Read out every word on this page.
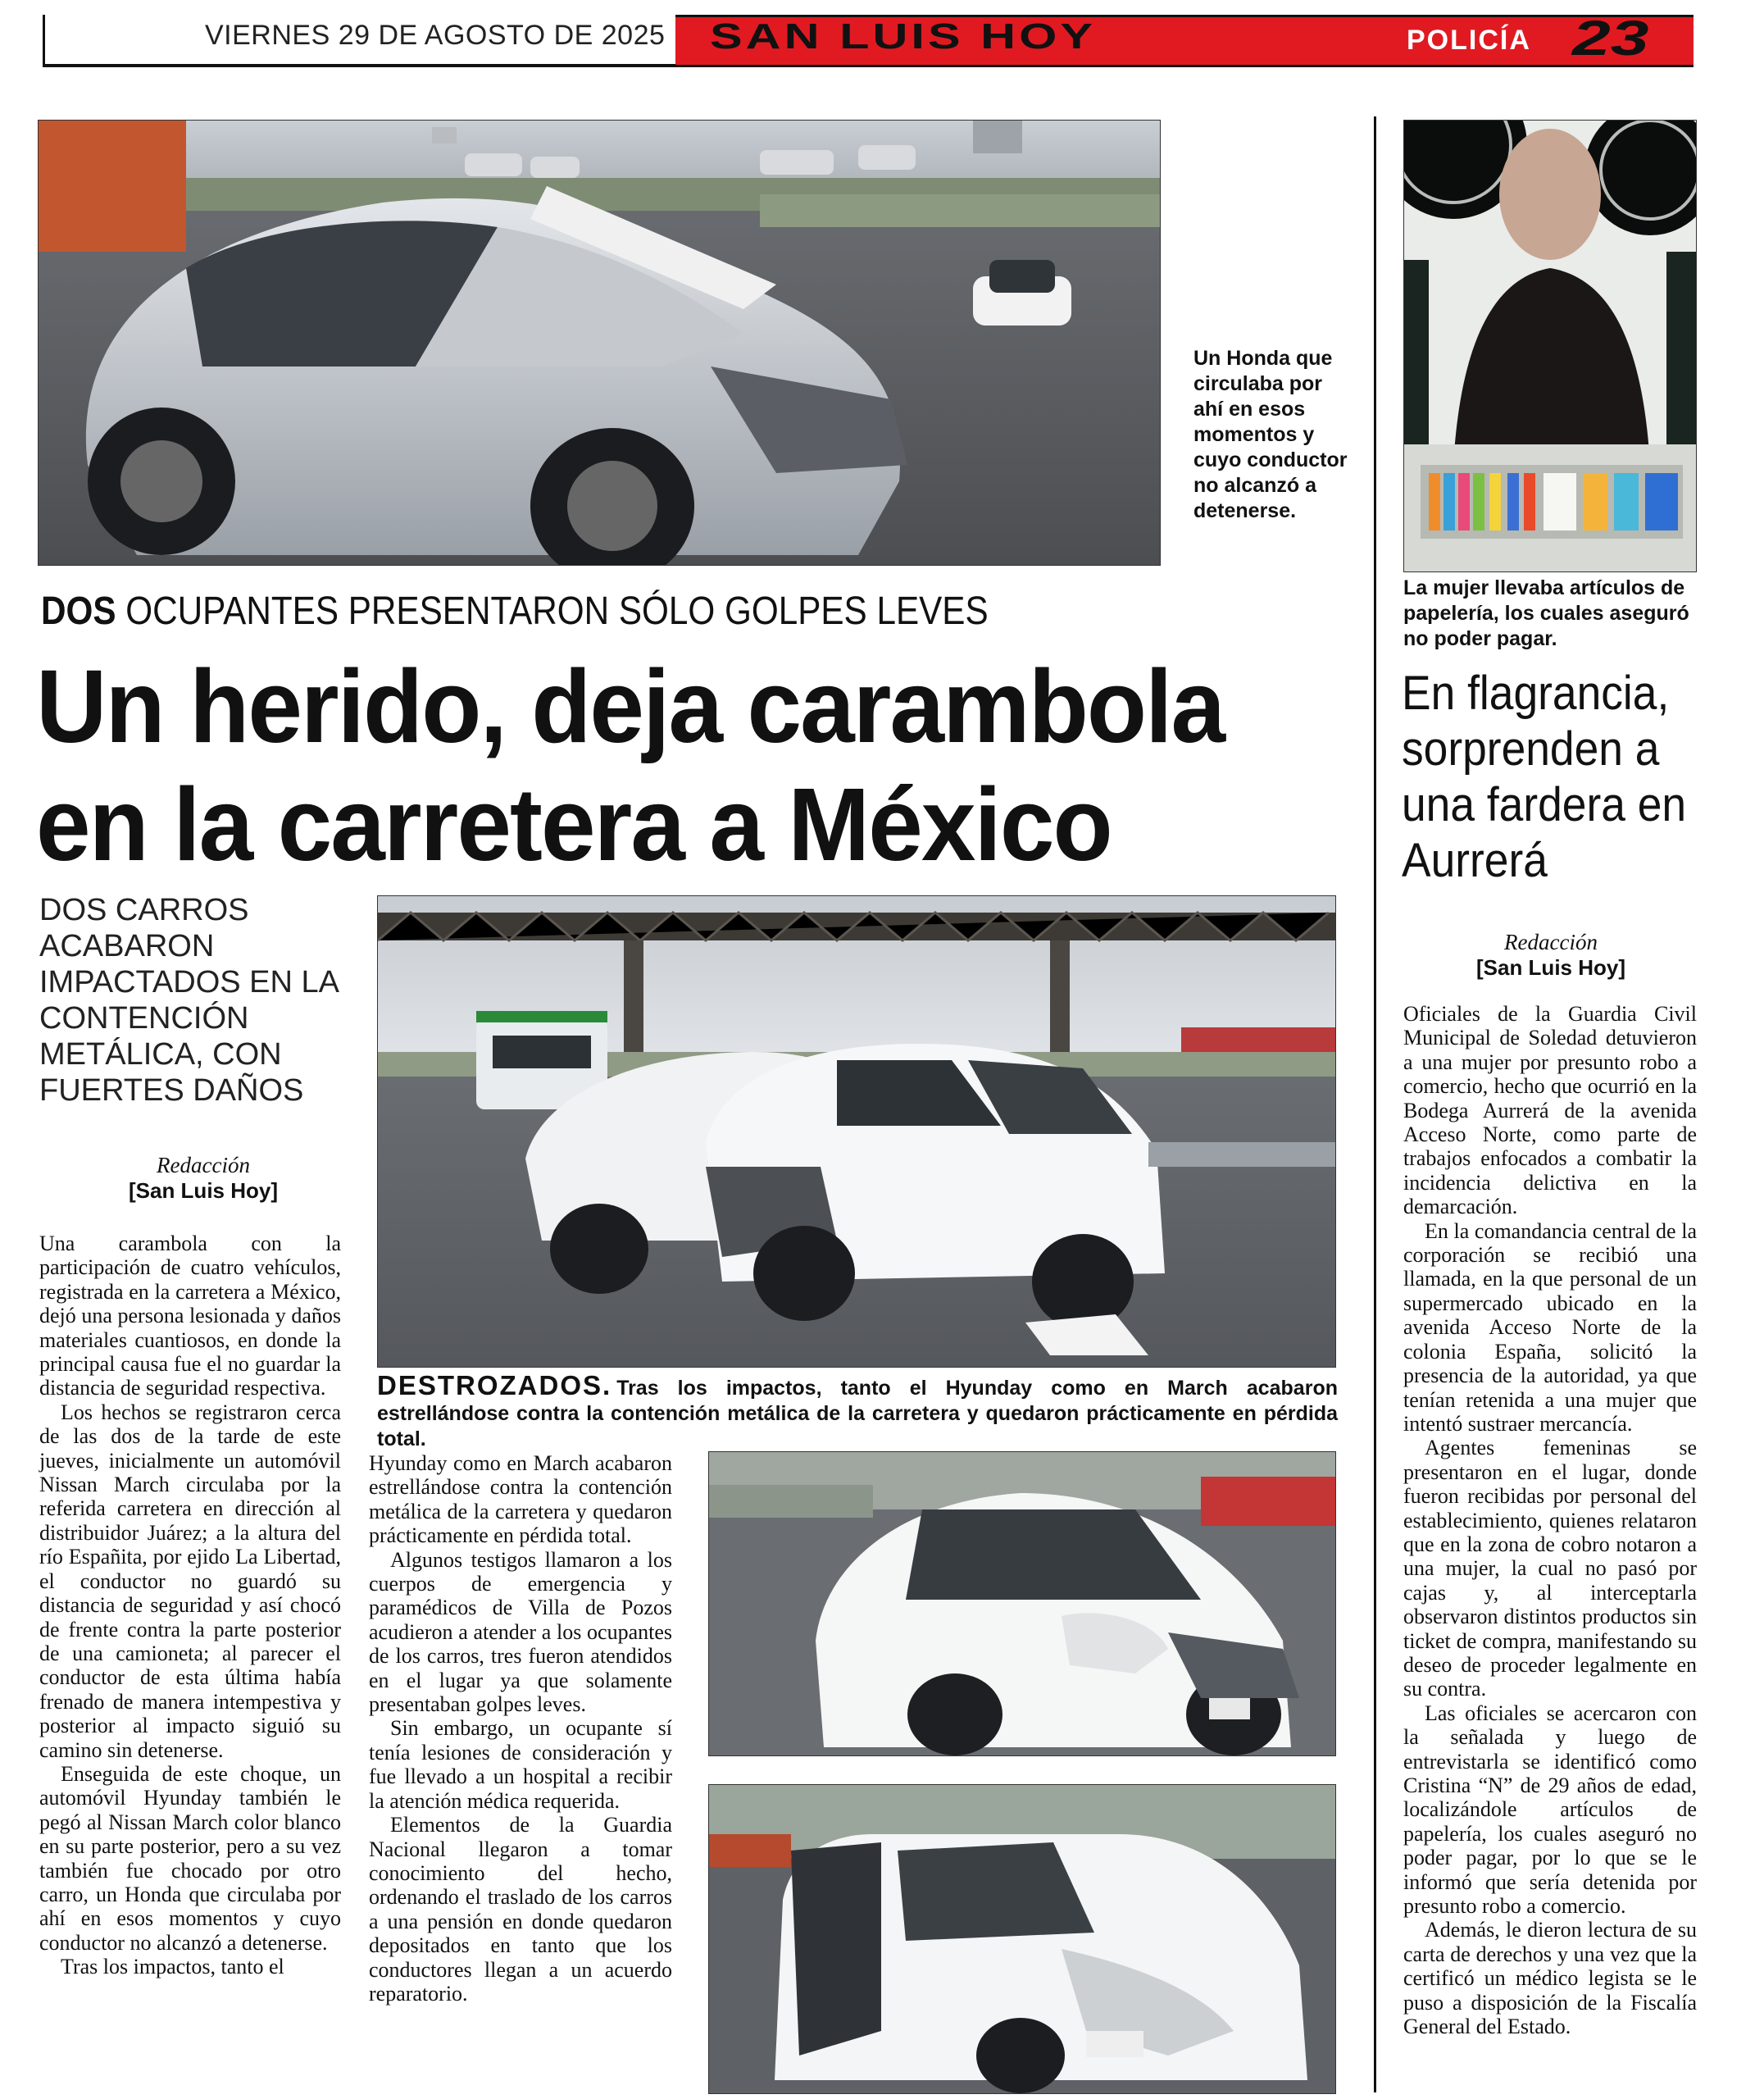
VIERNES 29 DE AGOSTO DE 2025 SAN LUIS HOY	POLICÍA 23
Un Honda que circulaba por ahí en esos momentos y cuyo conductor no alcanzó a detenerse.
La mujer llevaba artículos de papelería, los cuales aseguró no poder pagar.
DOS OCUPANTES PRESENTARON SÓLO GOLPES LEVES
Un herido, deja carambola en la carretera a México
DOS CARROS ACABARON IMPACTADOS EN LA CONTENCIÓN METÁLICA, CON FUERTES DAÑOS
Redacción
[San Luis Hoy]
DESTROZADOS. Tras los impactos, tanto el Hyunday como en March acabaron estrellándose contra la contención metálica de la carretera y quedaron prácticamente en pérdida total.

Una carambola con la participación de cuatro vehículos, registrada en la carretera a México, dejó una persona lesionada y daños materiales cuantiosos, en donde la principal causa fue el no guardar la distancia de seguridad respectiva.

Los hechos se registraron cerca de las dos de la tarde de este jueves, inicialmente un automóvil Nissan March circulaba por la referida carretera en dirección al distribuidor Juárez; a la altura del río Españita, por ejido La Libertad, el conductor no guardó su distancia de seguridad y así chocó de frente contra la parte posterior de una camioneta; al parecer el conductor de esta última había frenado de manera intempestiva y posterior al impacto siguió su camino sin detenerse.

Enseguida de este choque, un automóvil Hyunday también le pegó al Nissan March color blanco en su parte posterior, pero a su vez también fue chocado por otro carro, un Honda que circulaba por ahí en esos momentos y cuyo conductor no alcanzó a detenerse.

Tras los impactos, tanto el

Hyunday como en March acabaron estrellándose contra la contención metálica de la carretera y quedaron prácticamente en pérdida total.

Algunos testigos llamaron a los cuerpos de emergencia y paramédicos de Villa de Pozos acudieron a atender a los ocupantes de los carros, tres fueron atendidos en el lugar ya que solamente presentaban golpes leves.

Sin embargo, un ocupante sí tenía lesiones de consideración y fue llevado a un hospital a recibir la atención médica requerida.

Elementos de la Guardia Nacional llegaron a tomar conocimiento del hecho, ordenando el traslado de los carros a una pensión en donde quedaron depositados en tanto que los conductores llegan a un acuerdo reparatorio.

En flagrancia, sorprenden a una fardera en Aurrerá
Redacción
[San Luis Hoy]

Oficiales de la Guardia Civil Municipal de Soledad detuvieron a una mujer por presunto robo a comercio, hecho que ocurrió en la Bodega Aurrerá de la avenida Acceso Norte, como parte de trabajos enfocados a combatir la incidencia delictiva en la demarcación.

En la comandancia central de la corporación se recibió una llamada, en la que personal de un supermercado ubicado en la avenida Acceso Norte de la colonia España, solicitó la presencia de la autoridad, ya que tenían retenida a una mujer que intentó sustraer mercancía.

Agentes femeninas se presentaron en el lugar, donde fueron recibidas por personal del establecimiento, quienes relataron que en la zona de cobro notaron a una mujer, la cual no pasó por cajas y, al interceptarla observaron distintos productos sin ticket de compra, manifestando su deseo de proceder legalmente en su contra.

Las oficiales se acercaron con la señalada y luego de entrevistarla se identificó como Cristina “N” de 29 años de edad, localizándole artículos de papelería, los cuales aseguró no poder pagar, por lo que se le informó que sería detenida por presunto robo a comercio.

Además, le dieron lectura de su carta de derechos y una vez que la certificó un médico legista se le puso a disposición de la Fiscalía General del Estado.
